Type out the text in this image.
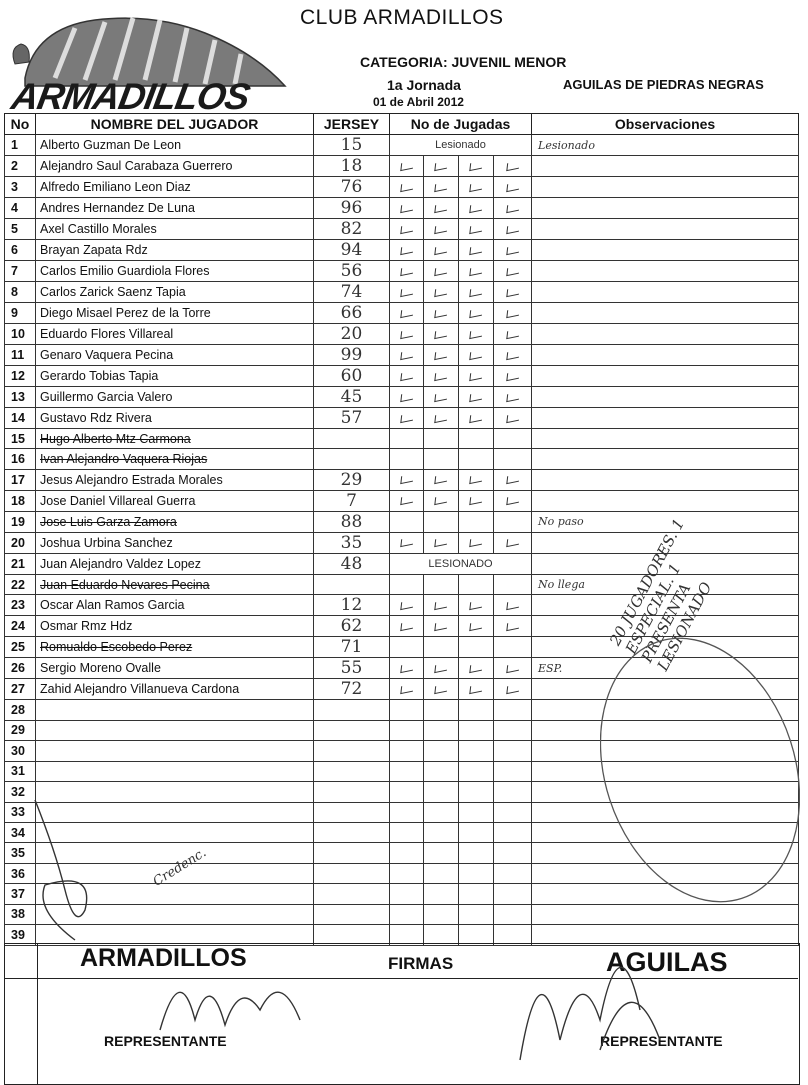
CLUB ARMADILLOS
ARMADILLOS
CATEGORIA: JUVENIL MENOR
1a Jornada	AGUILAS DE PIEDRAS NEGRAS
01 de Abril 2012
No	NOMBRE DEL JUGADOR	JERSEY	No de Jugadas				Observaciones
1	Alberto Guzman De Leon	15	Lesionado				Lesionado
2	Alejandro Saul Carabaza Guerrero	18					
3	Alfredo Emiliano Leon Diaz	76					
4	Andres Hernandez De Luna	96					
5	Axel Castillo Morales	82					
6	Brayan Zapata Rdz	94					
7	Carlos Emilio Guardiola Flores	56					
8	Carlos Zarick Saenz Tapia	74					
9	Diego Misael Perez de la Torre	66					
10	Eduardo Flores Villareal	20					
11	Genaro Vaquera Pecina	99					
12	Gerardo Tobias Tapia	60					
13	Guillermo Garcia Valero	45					
14	Gustavo Rdz Rivera	57					
15	Hugo Alberto Mtz Carmona						
16	Ivan Alejandro Vaquera Riojas						
17	Jesus Alejandro Estrada Morales	29					
18	Jose Daniel Villareal Guerra	7					
19	Jose Luis Garza Zamora	88					No paso
20	Joshua Urbina Sanchez	35					
21	Juan Alejandro Valdez Lopez	48	LESIONADO				
22	Juan Eduardo Nevares Pecina						No llega
23	Oscar Alan Ramos Garcia	12					
24	Osmar Rmz Hdz	62					
25	Romualdo Escobedo Perez	71					
26	Sergio Moreno Ovalle	55					ESP.
27	Zahid Alejandro Villanueva Cardona	72					
28							
29							
30							
31							
32							
33							
34							
35							
36							
37							
38							
39							
20 JUGADORES. 1 ESPECIAL. 1 PRESENTA LESIONADO
Credenc.
ARMADILLOS	FIRMAS	AGUILAS
REPRESENTANTE	REPRESENTANTE
